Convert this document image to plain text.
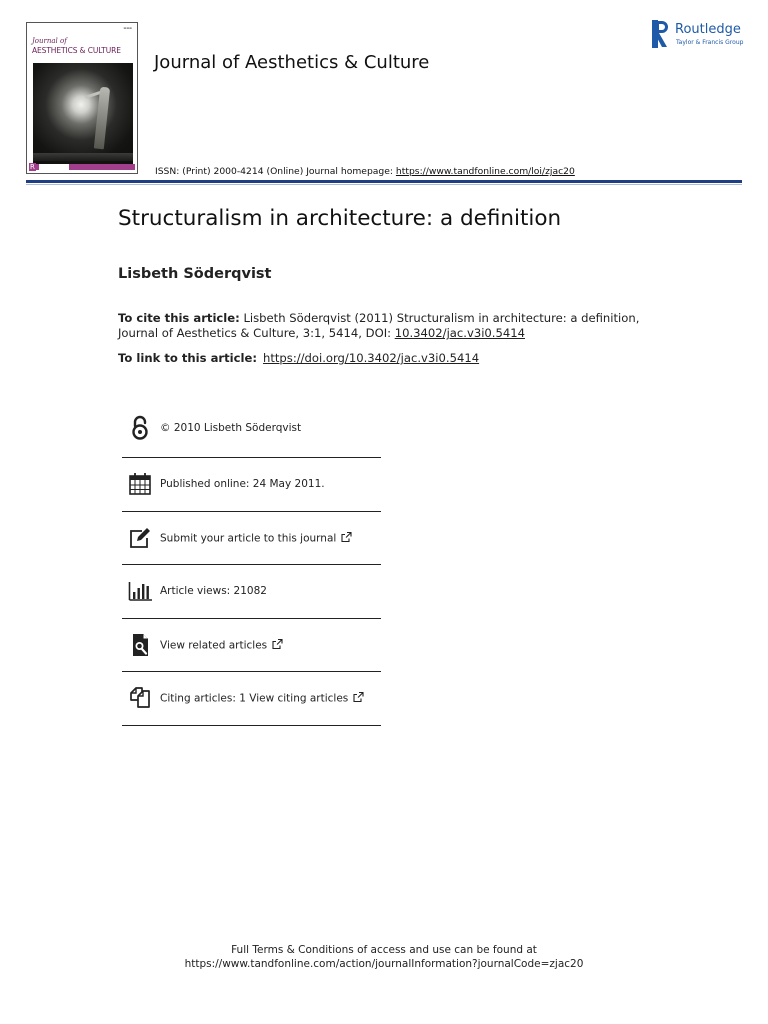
▬▬▬
Journal of
AESTHETICS & CULTURE
R
Journal of Aesthetics & Culture
Routledge
Taylor & Francis Group
ISSN: (Print) 2000-4214 (Online) Journal homepage: https://www.tandfonline.com/loi/zjac20
Structuralism in architecture: a definition
Lisbeth Söderqvist
To cite this article: Lisbeth Söderqvist (2011) Structuralism in architecture: a definition, Journal of Aesthetics & Culture, 3:1, 5414, DOI: 10.3402/jac.v3i0.5414
To link to this article: https://doi.org/10.3402/jac.v3i0.5414
© 2010 Lisbeth Söderqvist
Published online: 24 May 2011.
Submit your article to this journal
Article views: 21082
View related articles
Citing articles: 1 View citing articles
Full Terms & Conditions of access and use can be found at
https://www.tandfonline.com/action/journalInformation?journalCode=zjac20
